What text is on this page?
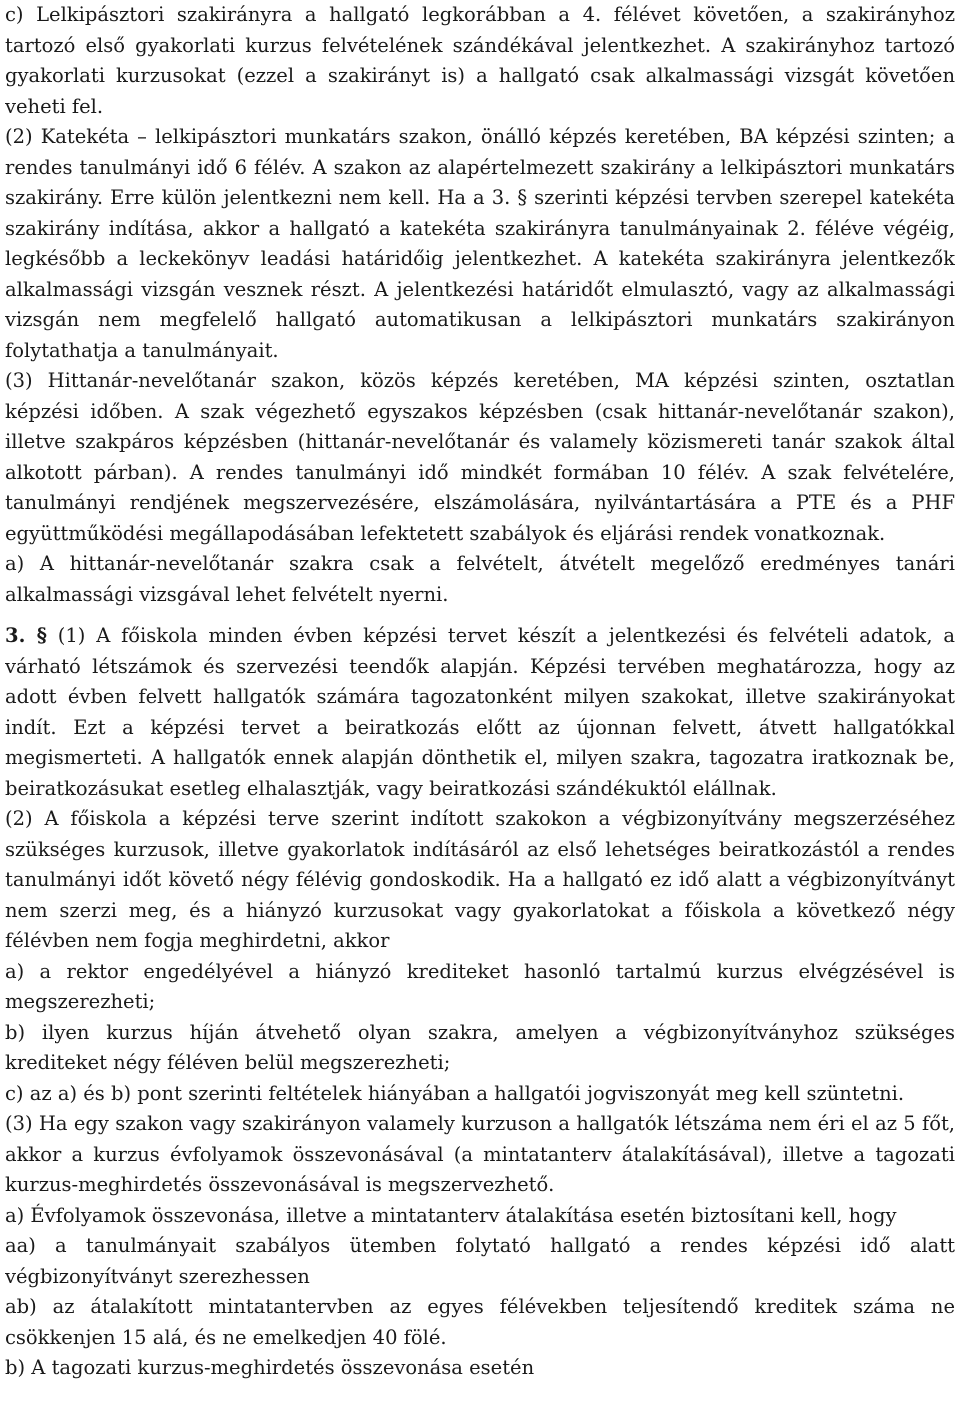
c) Lelkipásztori szakirányra a hallgató legkorábban a 4. félévet követően, a szakirányhoz tartozó első gyakorlati kurzus felvételének szándékával jelentkezhet. A szakirányhoz tartozó gyakorlati kurzusokat (ezzel a szakirányt is) a hallgató csak alkalmassági vizsgát követően veheti fel.

(2) Katekéta – lelkipásztori munkatárs szakon, önálló képzés keretében, BA képzési szinten; a rendes tanulmányi idő 6 félév. A szakon az alapértelmezett szakirány a lelkipásztori munkatárs szakirány. Erre külön jelentkezni nem kell. Ha a 3. § szerinti képzési tervben szerepel katekéta szakirány indítása, akkor a hallgató a katekéta szakirányra tanulmányainak 2. féléve végéig, legkésőbb a leckekönyv leadási határidőig jelentkezhet. A katekéta szakirányra jelentkezők alkalmassági vizsgán vesznek részt. A jelentkezési határidőt elmulasztó, vagy az alkalmassági vizsgán nem megfelelő hallgató automatikusan a lelkipásztori munkatárs szakirányon folytathatja a tanulmányait.

(3) Hittanár-nevelőtanár szakon, közös képzés keretében, MA képzési szinten, osztatlan képzési időben. A szak végezhető egyszakos képzésben (csak hittanár-nevelőtanár szakon), illetve szakpáros képzésben (hittanár-nevelőtanár és valamely közismereti tanár szakok által alkotott párban). A rendes tanulmányi idő mindkét formában 10 félév. A szak felvételére, tanulmányi rendjének megszervezésére, elszámolására, nyilvántartására a PTE és a PHF együttműködési megállapodásában lefektetett szabályok és eljárási rendek vonatkoznak.

a) A hittanár-nevelőtanár szakra csak a felvételt, átvételt megelőző eredményes tanári alkalmassági vizsgával lehet felvételt nyerni.

3. § (1) A főiskola minden évben képzési tervet készít a jelentkezési és felvételi adatok, a várható létszámok és szervezési teendők alapján. Képzési tervében meghatározza, hogy az adott évben felvett hallgatók számára tagozatonként milyen szakokat, illetve szakirányokat indít. Ezt a képzési tervet a beiratkozás előtt az újonnan felvett, átvett hallgatókkal megismerteti. A hallgatók ennek alapján dönthetik el, milyen szakra, tagozatra iratkoznak be, beiratkozásukat esetleg elhalasztják, vagy beiratkozási szándékuktól elállnak.

(2) A főiskola a képzési terve szerint indított szakokon a végbizonyítvány megszerzéséhez szükséges kurzusok, illetve gyakorlatok indításáról az első lehetséges beiratkozástól a rendes tanulmányi időt követő négy félévig gondoskodik. Ha a hallgató ez idő alatt a végbizonyítványt nem szerzi meg, és a hiányzó kurzusokat vagy gyakorlatokat a főiskola a következő négy félévben nem fogja meghirdetni, akkor

a) a rektor engedélyével a hiányzó krediteket hasonló tartalmú kurzus elvégzésével is megszerezheti;

b) ilyen kurzus híján átvehető olyan szakra, amelyen a végbizonyítványhoz szükséges krediteket négy féléven belül megszerezheti;

c) az a) és b) pont szerinti feltételek hiányában a hallgatói jogviszonyát meg kell szüntetni.

(3) Ha egy szakon vagy szakirányon valamely kurzuson a hallgatók létszáma nem éri el az 5 főt, akkor a kurzus évfolyamok összevonásával (a mintatanterv átalakításával), illetve a tagozati kurzus-meghirdetés összevonásával is megszervezhető.

a) Évfolyamok összevonása, illetve a mintatanterv átalakítása esetén biztosítani kell, hogy

aa) a tanulmányait szabályos ütemben folytató hallgató a rendes képzési idő alatt végbizonyítványt szerezhessen

ab) az átalakított mintatantervben az egyes félévekben teljesítendő kreditek száma ne csökkenjen 15 alá, és ne emelkedjen 40 fölé.

b) A tagozati kurzus-meghirdetés összevonása esetén
